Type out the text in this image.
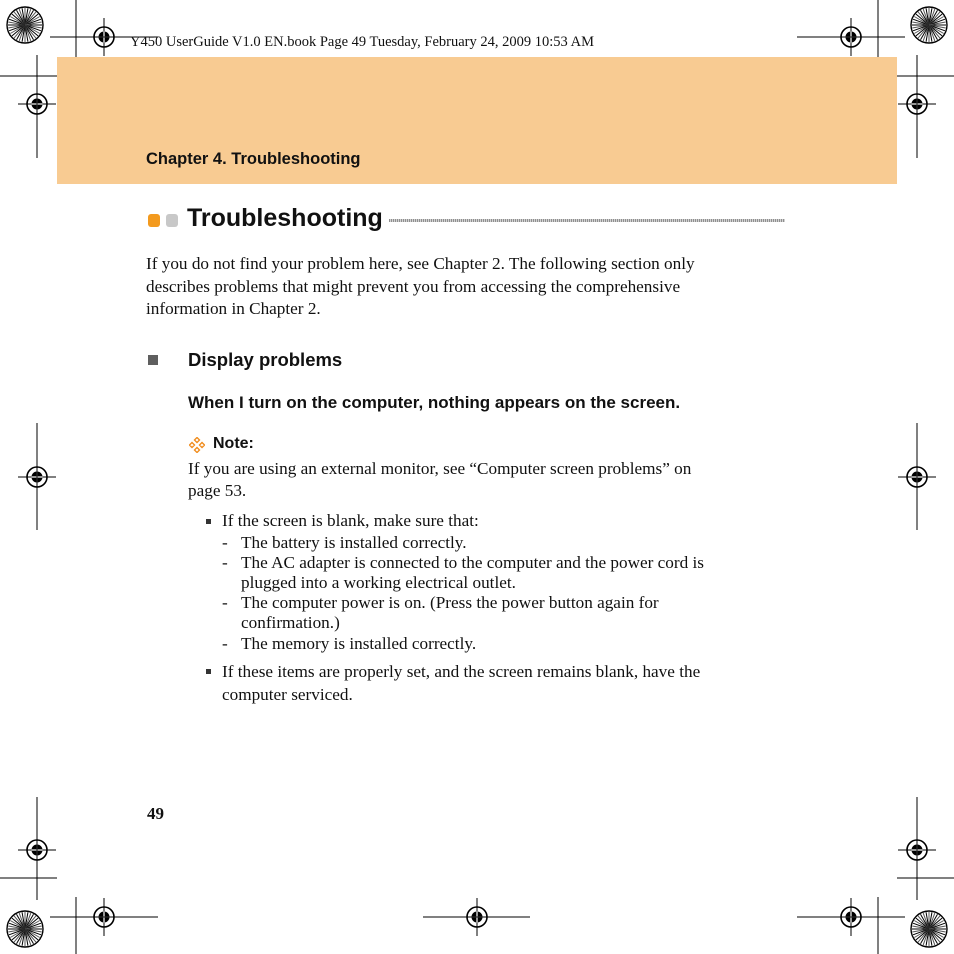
Y450 UserGuide V1.0 EN.book Page 49 Tuesday, February 24, 2009 10:53 AM
Chapter 4. Troubleshooting
Troubleshooting
If you do not find your problem here, see Chapter 2. The following section only
describes problems that might prevent you from accessing the comprehensive
information in Chapter 2.
Display problems
When I turn on the computer, nothing appears on the screen.
Note:
If you are using an external monitor, see “Computer screen problems” on
page 53.
If the screen is blank, make sure that:
- The battery is installed correctly.
- The AC adapter is connected to the computer and the power cord is
plugged into a working electrical outlet.
- The computer power is on. (Press the power button again for
confirmation.)
- The memory is installed correctly.
If these items are properly set, and the screen remains blank, have the
computer serviced.
49
